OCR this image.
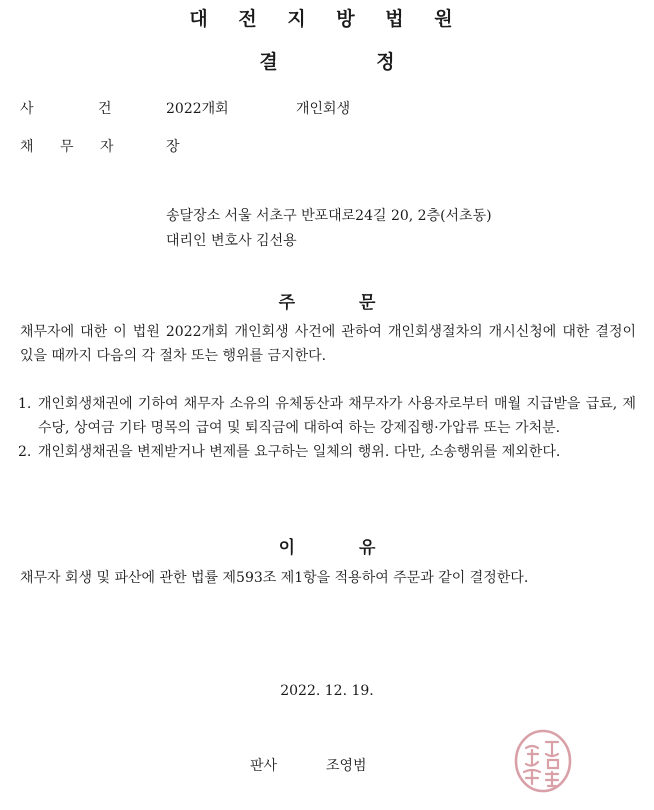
대 전 지 방 법 원
결 정
사 건	2022개회	개인회생
채 무 자	장
송달장소 서울 서초구 반포대로24길 20, 2층(서초동)
대리인 변호사 김선용
주 문
채무자에 대한 이 법원 2022개회 개인회생 사건에 관하여 개인회생절차의 개시신청에 대한 결정이 있을 때까지 다음의 각 절차 또는 행위를 금지한다.
1. 개인회생채권에 기하여 채무자 소유의 유체동산과 채무자가 사용자로부터 매월 지급받을 급료, 제수당, 상여금 기타 명목의 급여 및 퇴직금에 대하여 하는 강제집행·가압류 또는 가처분.
2. 개인회생채권을 변제받거나 변제를 요구하는 일체의 행위. 다만, 소송행위를 제외한다.
이 유
채무자 회생 및 파산에 관한 법률 제593조 제1항을 적용하여 주문과 같이 결정한다.
2022. 12. 19.
판사	조영범
